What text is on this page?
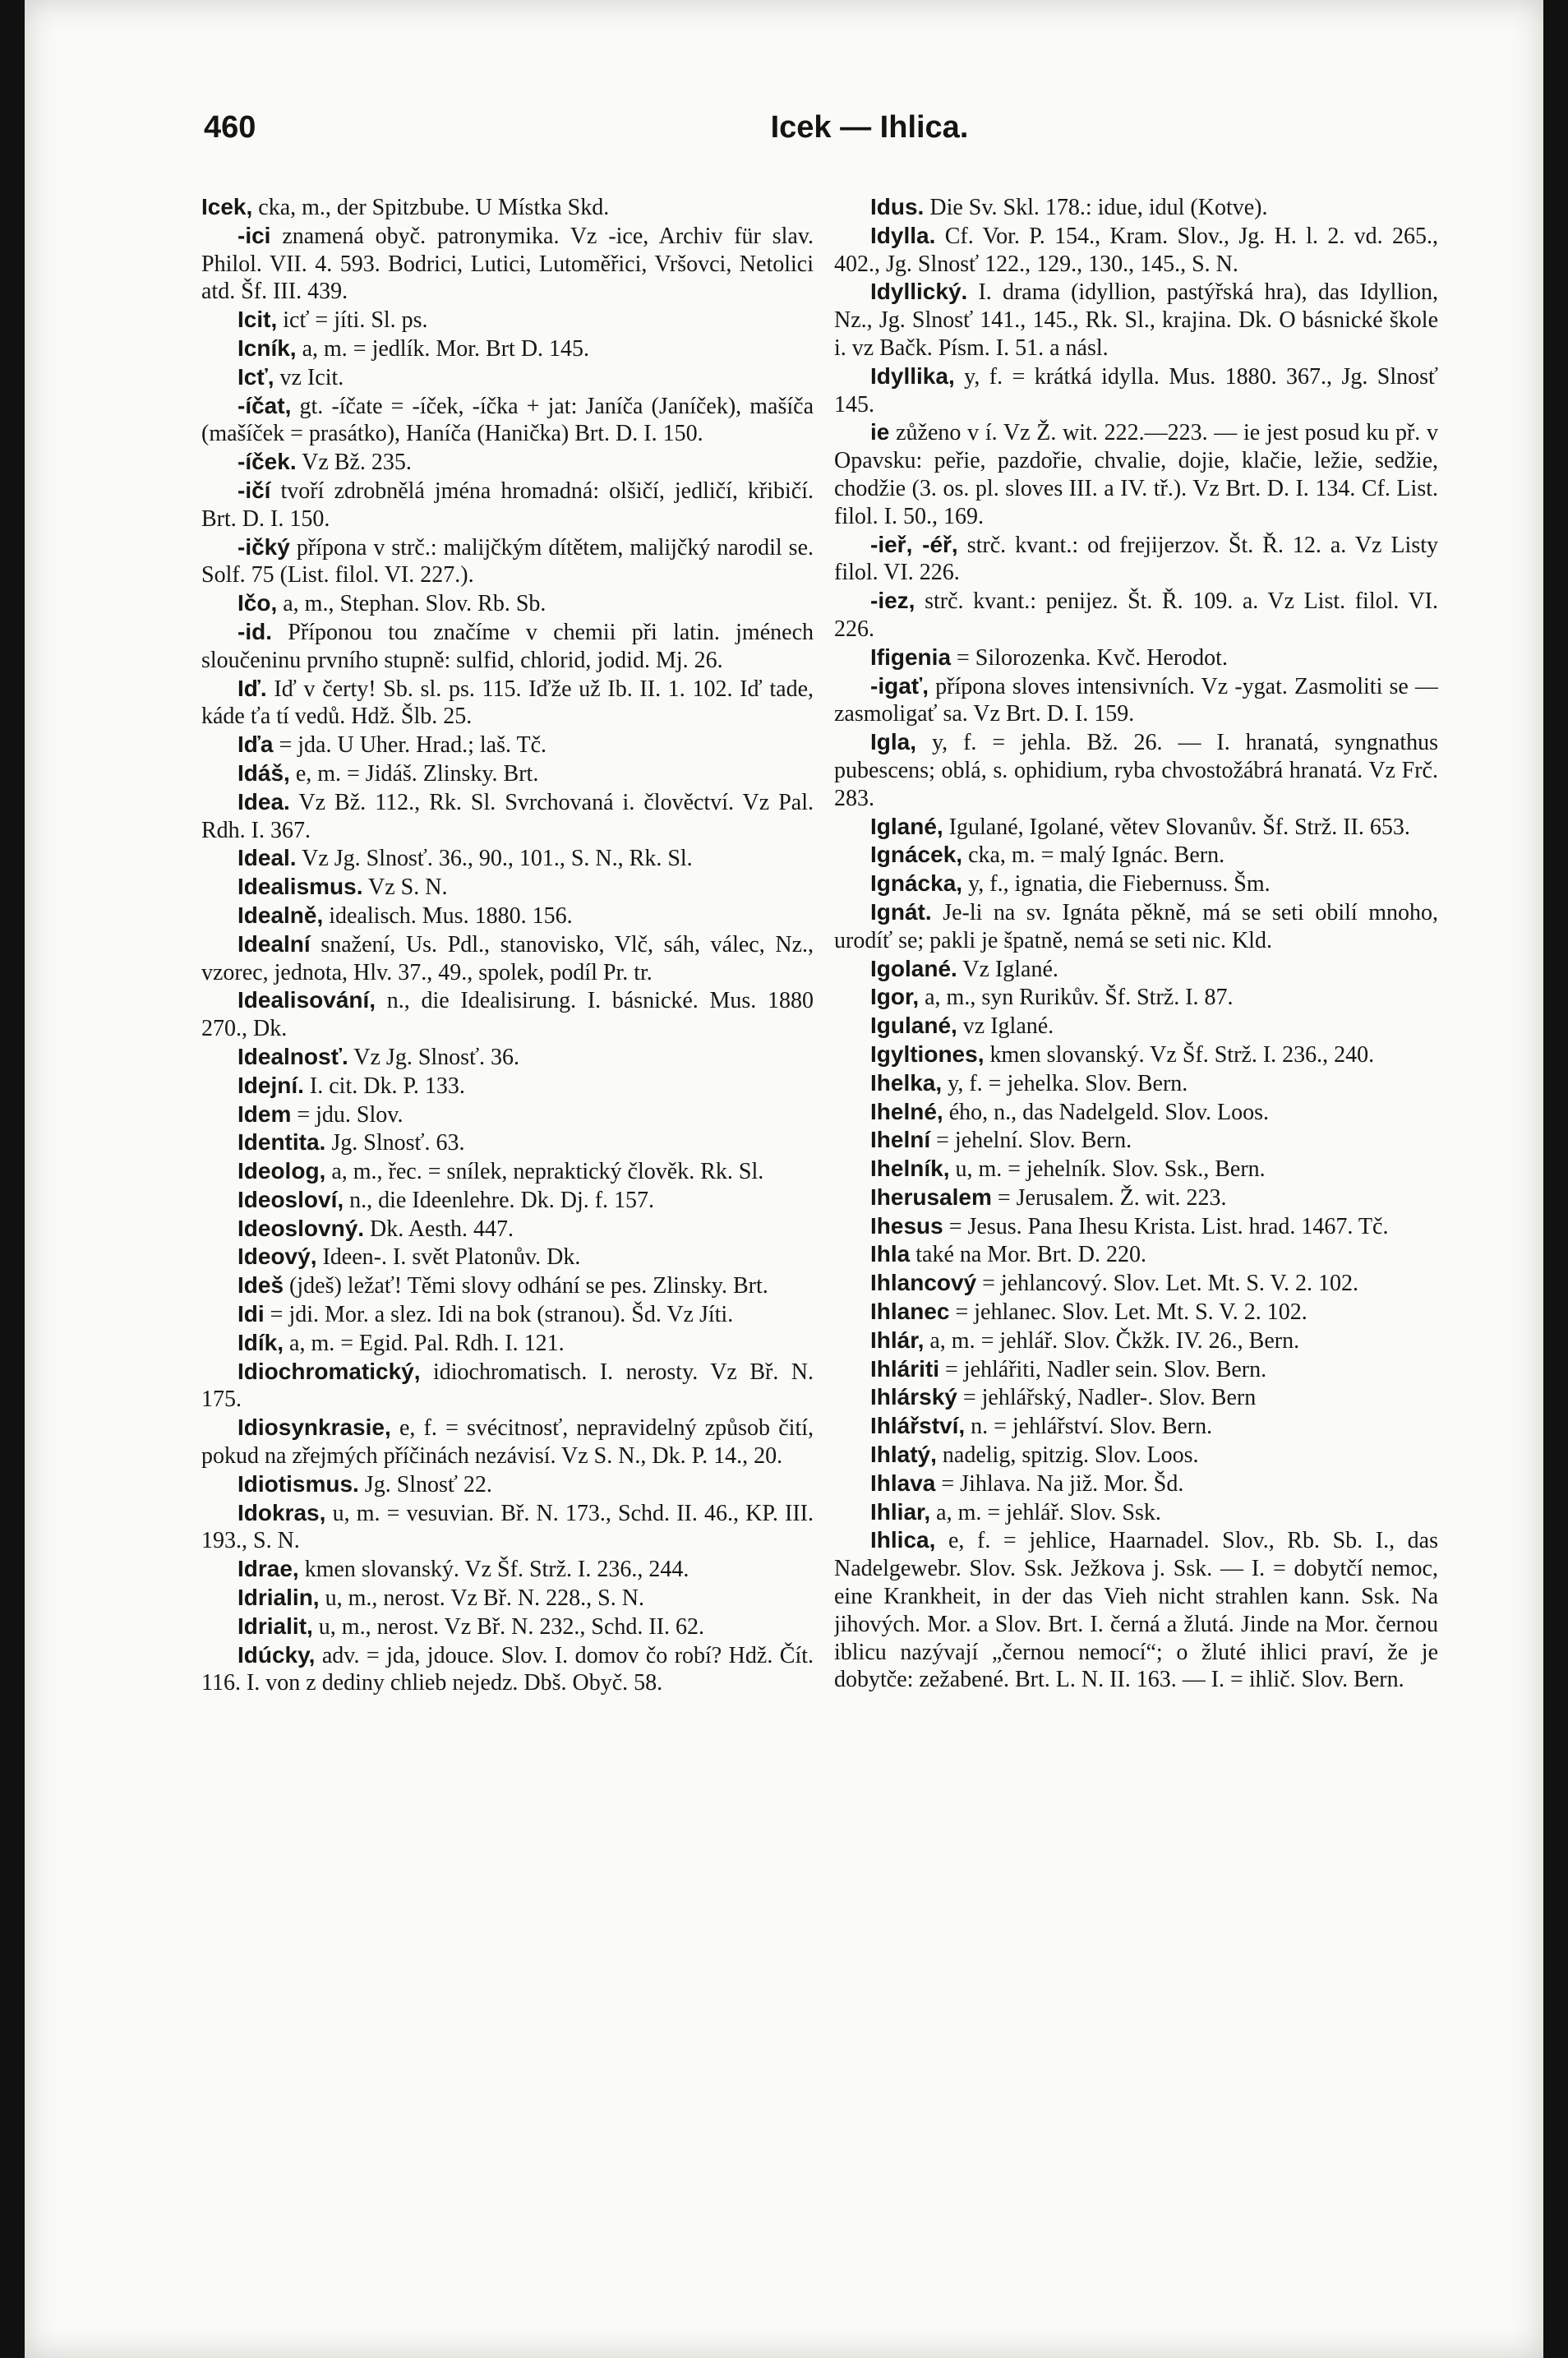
460	Icek — Ihlica.

Icek, cka, m., der Spitzbube. U Místka Skd.

-ici znamená obyč. patronymika. Vz -ice, Archiv für slav. Philol. VII. 4. 593. Bodrici, Lutici, Lutoměřici, Vršovci, Netolici atd. Šf. III. 439.

Icit, icť = jíti. Sl. ps.

Icník, a, m. = jedlík. Mor. Brt D. 145.

Icť, vz Icit.

-íčat, gt. -íčate = -íček, -íčka + jat: Janíča (Janíček), mašíča (mašíček = prasátko), Haníča (Hanička) Brt. D. I. 150.

-íček. Vz Bž. 235.

-ičí tvoří zdrobnělá jména hromadná: olšičí, jedličí, křibičí. Brt. D. I. 150.

-ičký přípona v strč.: malijčkým dítětem, malijčký narodil se. Solf. 75 (List. filol. VI. 227.).

Ičo, a, m., Stephan. Slov. Rb. Sb.

-id. Příponou tou značíme v chemii při latin. jménech sloučeninu prvního stupně: sulfid, chlorid, jodid. Mj. 26.

Iď. Iď v čerty! Sb. sl. ps. 115. Iďže už Ib. II. 1. 102. Iď tade, káde ťa tí vedů. Hdž. Šlb. 25.

Iďa = jda. U Uher. Hrad.; laš. Tč.

Idáš, e, m. = Jidáš. Zlinsky. Brt.

Idea. Vz Bž. 112., Rk. Sl. Svrchovaná i. člověctví. Vz Pal. Rdh. I. 367.

Ideal. Vz Jg. Slnosť. 36., 90., 101., S. N., Rk. Sl.

Idealismus. Vz S. N.

Idealně, idealisch. Mus. 1880. 156.

Idealní snažení, Us. Pdl., stanovisko, Vlč, sáh, válec, Nz., vzorec, jednota, Hlv. 37., 49., spolek, podíl Pr. tr.

Idealisování, n., die Idealisirung. I. básnické. Mus. 1880 270., Dk.

Idealnosť. Vz Jg. Slnosť. 36.

Idejní. I. cit. Dk. P. 133.

Idem = jdu. Slov.

Identita. Jg. Slnosť. 63.

Ideolog, a, m., řec. = snílek, nepraktický člověk. Rk. Sl.

Ideosloví, n., die Ideenlehre. Dk. Dj. f. 157.

Ideoslovný. Dk. Aesth. 447.

Ideový, Ideen-. I. svět Platonův. Dk.

Ideš (jdeš) ležať! Těmi slovy odhání se pes. Zlinsky. Brt.

Idi = jdi. Mor. a slez. Idi na bok (stranou). Šd. Vz Jíti.

Idík, a, m. = Egid. Pal. Rdh. I. 121.

Idiochromatický, idiochromatisch. I. nerosty. Vz Bř. N. 175.

Idiosynkrasie, e, f. = svécitnosť, nepravidelný způsob čití, pokud na zřejmých příčinách nezávisí. Vz S. N., Dk. P. 14., 20.

Idiotismus. Jg. Slnosť 22.

Idokras, u, m. = vesuvian. Bř. N. 173., Schd. II. 46., KP. III. 193., S. N.

Idrae, kmen slovanský. Vz Šf. Strž. I. 236., 244.

Idrialin, u, m., nerost. Vz Bř. N. 228., S. N.

Idrialit, u, m., nerost. Vz Bř. N. 232., Schd. II. 62.

Idúcky, adv. = jda, jdouce. Slov. I. domov čo robí? Hdž. Čít. 116. I. von z dediny chlieb nejedz. Dbš. Obyč. 58.

Idus. Die Sv. Skl. 178.: idue, idul (Kotve).

Idylla. Cf. Vor. P. 154., Kram. Slov., Jg. H. l. 2. vd. 265., 402., Jg. Slnosť 122., 129., 130., 145., S. N.

Idyllický. I. drama (idyllion, pastýřská hra), das Idyllion, Nz., Jg. Slnosť 141., 145., Rk. Sl., krajina. Dk. O básnické škole i. vz Bačk. Písm. I. 51. a násl.

Idyllika, y, f. = krátká idylla. Mus. 1880. 367., Jg. Slnosť 145.

ie zůženo v í. Vz Ž. wit. 222.—223. — ie jest posud ku př. v Opavsku: peřie, pazdořie, chvalie, dojie, klačie, ležie, sedžie, chodžie (3. os. pl. sloves III. a IV. tř.). Vz Brt. D. I. 134. Cf. List. filol. I. 50., 169.

-ieř, -éř, strč. kvant.: od frejijerzov. Št. Ř. 12. a. Vz Listy filol. VI. 226.

-iez, strč. kvant.: penijez. Št. Ř. 109. a. Vz List. filol. VI. 226.

Ifigenia = Silorozenka. Kvč. Herodot.

-igať, přípona sloves intensivních. Vz -ygat. Zasmoliti se — zasmoligať sa. Vz Brt. D. I. 159.

Igla, y, f. = jehla. Bž. 26. — I. hranatá, syngnathus pubescens; oblá, s. ophidium, ryba chvostožábrá hranatá. Vz Frč. 283.

Iglané, Igulané, Igolané, větev Slovanův. Šf. Strž. II. 653.

Ignácek, cka, m. = malý Ignác. Bern.

Ignácka, y, f., ignatia, die Fiebernuss. Šm.

Ignát. Je-li na sv. Ignáta pěkně, má se seti obilí mnoho, urodíť se; pakli je špatně, nemá se seti nic. Kld.

Igolané. Vz Iglané.

Igor, a, m., syn Rurikův. Šf. Strž. I. 87.

Igulané, vz Iglané.

Igyltiones, kmen slovanský. Vz Šf. Strž. I. 236., 240.

Ihelka, y, f. = jehelka. Slov. Bern.

Ihelné, ého, n., das Nadelgeld. Slov. Loos.

Ihelní = jehelní. Slov. Bern.

Ihelník, u, m. = jehelník. Slov. Ssk., Bern.

Iherusalem = Jerusalem. Ž. wit. 223.

Ihesus = Jesus. Pana Ihesu Krista. List. hrad. 1467. Tč.

Ihla také na Mor. Brt. D. 220.

Ihlancový = jehlancový. Slov. Let. Mt. S. V. 2. 102.

Ihlanec = jehlanec. Slov. Let. Mt. S. V. 2. 102.

Ihlár, a, m. = jehlář. Slov. Čkžk. IV. 26., Bern.

Ihláriti = jehlářiti, Nadler sein. Slov. Bern.

Ihlárský = jehlářský, Nadler-. Slov. Bern

Ihlářství, n. = jehlářství. Slov. Bern.

Ihlatý, nadelig, spitzig. Slov. Loos.

Ihlava = Jihlava. Na již. Mor. Šd.

Ihliar, a, m. = jehlář. Slov. Ssk.

Ihlica, e, f. = jehlice, Haarnadel. Slov., Rb. Sb. I., das Nadelgewebr. Slov. Ssk. Ježkova j. Ssk. — I. = dobytčí nemoc, eine Krankheit, in der das Vieh nicht strahlen kann. Ssk. Na jihových. Mor. a Slov. Brt. I. černá a žlutá. Jinde na Mor. černou iblicu nazývají „černou nemocí“; o žluté ihlici praví, že je dobytče: zežabené. Brt. L. N. II. 163. — I. = ihlič. Slov. Bern.
